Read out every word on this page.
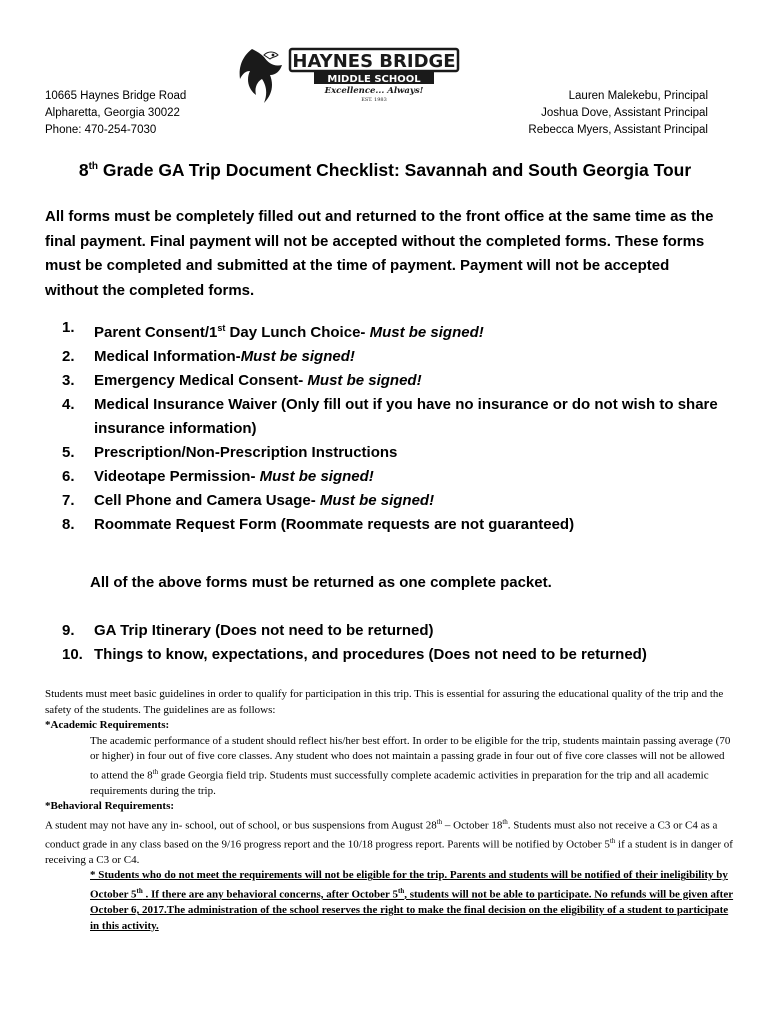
HAYNES BRIDGE
MIDDLE SCHOOL
Excellence... Always!
EST. 1983
10665 Haynes Bridge Road
Alpharetta, Georgia 30022
Phone: 470-254-7030
Lauren Malekebu, Principal
Joshua Dove, Assistant Principal
Rebecca Myers, Assistant Principal
8th Grade GA Trip Document Checklist: Savannah and South Georgia Tour
All forms must be completely filled out and returned to the front office at the same time as the final payment. Final payment will not be accepted without the completed forms. These forms must be completed and submitted at the time of payment. Payment will not be accepted without the completed forms.
1.	Parent Consent/1st Day Lunch Choice- Must be signed!
2.	Medical Information-Must be signed!
3.	Emergency Medical Consent- Must be signed!
4.	Medical Insurance Waiver (Only fill out if you have no insurance or do not wish to share insurance information)
5.	Prescription/Non-Prescription Instructions
6.	Videotape Permission- Must be signed!
7.	Cell Phone and Camera Usage- Must be signed!
8.	Roommate Request Form (Roommate requests are not guaranteed)
All of the above forms must be returned as one complete packet.
9.	GA Trip Itinerary (Does not need to be returned)
10. Things to know, expectations, and procedures (Does not need to be returned)

Students must meet basic guidelines in order to qualify for participation in this trip. This is essential for assuring the educational quality of the trip and the safety of the students. The guidelines are as follows:

*Academic Requirements:

The academic performance of a student should reflect his/her best effort. In order to be eligible for the trip, students maintain passing average (70 or higher) in four out of five core classes. Any student who does not maintain a passing grade in four out of five core classes will not be allowed to attend the 8th grade Georgia field trip. Students must successfully complete academic activities in preparation for the trip and all academic requirements during the trip.

*Behavioral Requirements:

A student may not have any in- school, out of school, or bus suspensions from August 28th – October 18th. Students must also not receive a C3 or C4 as a conduct grade in any class based on the 9/16 progress report and the 10/18 progress report. Parents will be notified by October 5th if a student is in danger of receiving a C3 or C4.

* Students who do not meet the requirements will not be eligible for the trip. Parents and students will be notified of their ineligibility by October 5th . If there are any behavioral concerns, after October 5th, students will not be able to participate. No refunds will be given after October 6, 2017.The administration of the school reserves the right to make the final decision on the eligibility of a student to participate in this activity.
